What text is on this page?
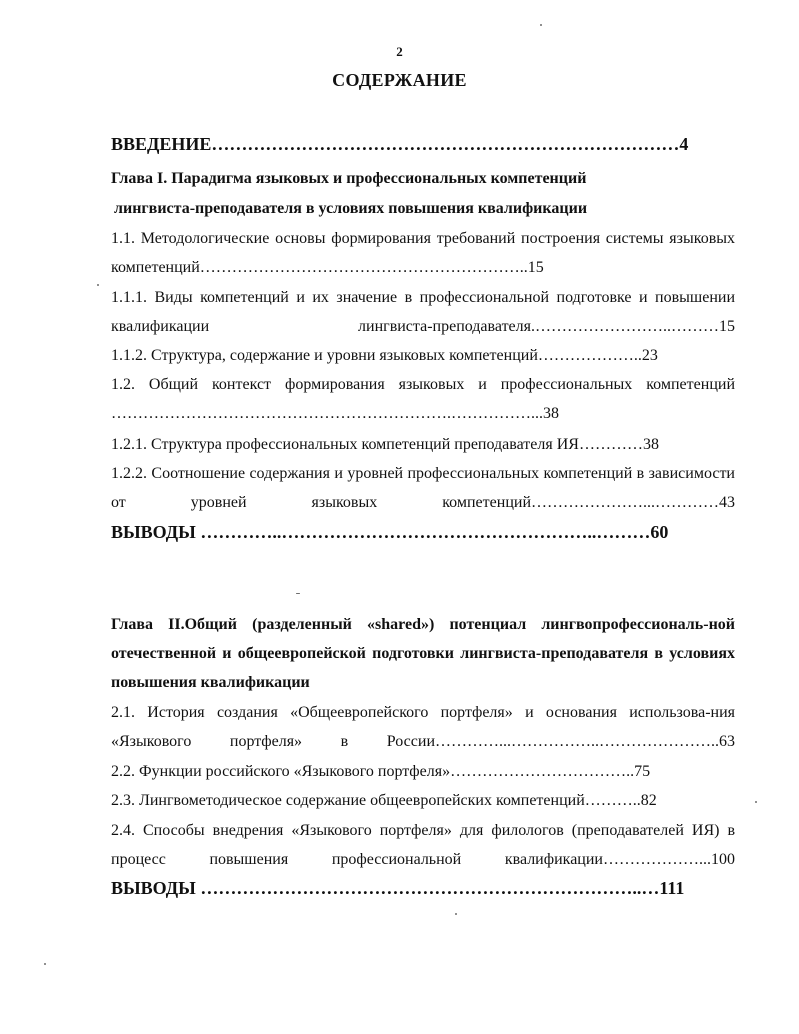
2
СОДЕРЖАНИЕ

ВВЕДЕНИЕ……………………………………………………………………4

Глава I. Парадигма языковых и профессиональных компетенций

лингвиста-преподавателя в условиях повышения квалификации

1.1. Методологические основы формирования требований построения системы языковых компетенций……………………………………………………..15

1.1.1. Виды компетенций и их значение в профессиональной подготовке и повышении квалификации лингвиста-преподавателя.……………………..………15

1.1.2. Структура, содержание и уровни языковых компетенций………………..23

1.2. Общий контекст формирования языковых и профессиональных компетенций ……………………………………………………….……………...38

1.2.1. Структура профессиональных компетенций преподавателя ИЯ…………38

1.2.2. Соотношение содержания и уровней профессиональных компетенций в зависимости от уровней языковых компетенций…………………...…………43

ВЫВОДЫ …………..……………………………………………..………60

Глава II.Общий (разделенный «shared») потенциал лингвопрофессиональ-ной отечественной и общеевропейской подготовки лингвиста-преподавателя в условиях повышения квалификации

2.1. История создания «Общеевропейского портфеля» и основания использова-ния «Языкового портфеля» в России…………...……………..…………………..63

2.2. Функции российского «Языкового портфеля»……………………………..75

2.3. Лингвометодическое содержание общеевропейских компетенций………..82

2.4. Способы внедрения «Языкового портфеля» для филологов (преподавателей ИЯ) в процесс повышения профессиональной квалификации………………...100

ВЫВОДЫ ………………………………………………………………..…111
